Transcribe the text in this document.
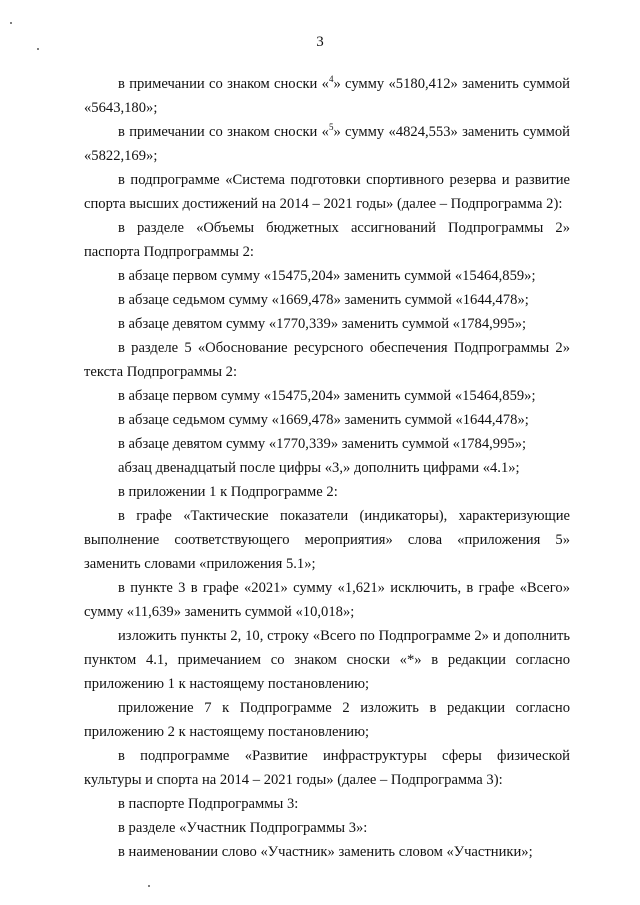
3

в примечании со знаком сноски «$^4$» сумму «5180,412» заменить суммой «5643,180»;

в примечании со знаком сноски «$^5$» сумму «4824,553» заменить суммой «5822,169»;

в подпрограмме «Система подготовки спортивного резерва и развитие спорта высших достижений на 2014 – 2021 годы» (далее – Подпрограмма 2):

в разделе «Объемы бюджетных ассигнований Подпрограммы 2» паспорта Подпрограммы 2:

в абзаце первом сумму «15475,204» заменить суммой «15464,859»;

в абзаце седьмом сумму «1669,478» заменить суммой «1644,478»;

в абзаце девятом сумму «1770,339» заменить суммой «1784,995»;

в разделе 5 «Обоснование ресурсного обеспечения Подпрограммы 2» текста Подпрограммы 2:

в абзаце первом сумму «15475,204» заменить суммой «15464,859»;

в абзаце седьмом сумму «1669,478» заменить суммой «1644,478»;

в абзаце девятом сумму «1770,339» заменить суммой «1784,995»;

абзац двенадцатый после цифры «3,» дополнить цифрами «4.1»;

в приложении 1 к Подпрограмме 2:

в графе «Тактические показатели (индикаторы), характеризующие выполнение соответствующего мероприятия» слова «приложения 5» заменить словами «приложения 5.1»;

в пункте 3 в графе «2021» сумму «1,621» исключить, в графе «Всего» сумму «11,639» заменить суммой «10,018»;

изложить пункты 2, 10, строку «Всего по Подпрограмме 2» и дополнить пунктом 4.1, примечанием со знаком сноски «*» в редакции согласно приложению 1 к настоящему постановлению;

приложение 7 к Подпрограмме 2 изложить в редакции согласно приложению 2 к настоящему постановлению;

в подпрограмме «Развитие инфраструктуры сферы физической культуры и спорта на 2014 – 2021 годы» (далее – Подпрограмма 3):

в паспорте Подпрограммы 3:

в разделе «Участник Подпрограммы 3»:

в наименовании слово «Участник» заменить словом «Участники»;
